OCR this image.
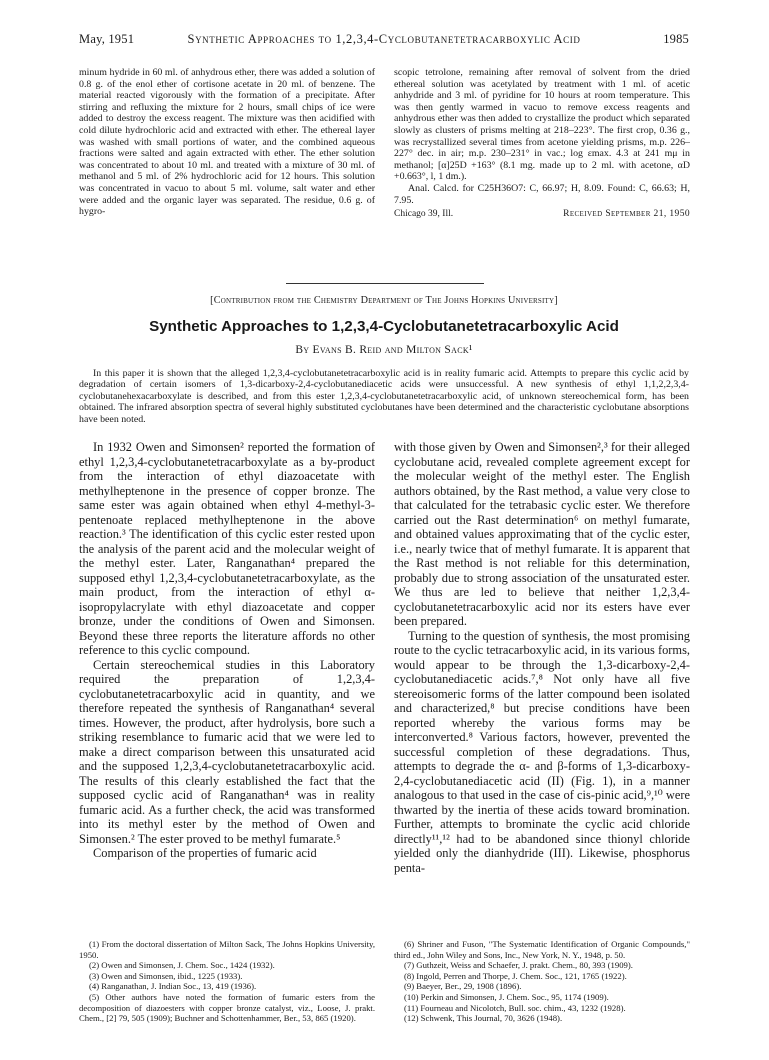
May, 1951	Synthetic Approaches to 1,2,3,4-Cyclobutanetetracarboxylic Acid	1985

minum hydride in 60 ml. of anhydrous ether, there was added a solution of 0.8 g. of the enol ether of cortisone acetate in 20 ml. of benzene. The material reacted vigorously with the formation of a precipitate. After stirring and refluxing the mixture for 2 hours, small chips of ice were added to destroy the excess reagent. The mixture was then acidified with cold dilute hydrochloric acid and extracted with ether. The ethereal layer was washed with small portions of water, and the combined aqueous fractions were salted and again extracted with ether. The ether solution was concentrated to about 10 ml. and treated with a mixture of 30 ml. of methanol and 5 ml. of 2% hydrochloric acid for 12 hours. This solution was concentrated in vacuo to about 5 ml. volume, salt water and ether were added and the organic layer was separated. The residue, 0.6 g. of hygro-

scopic tetrolone, remaining after removal of solvent from the dried ethereal solution was acetylated by treatment with 1 ml. of acetic anhydride and 3 ml. of pyridine for 10 hours at room temperature. This was then gently warmed in vacuo to remove excess reagents and anhydrous ether was then added to crystallize the product which separated slowly as clusters of prisms melting at 218–223°. The first crop, 0.36 g., was recrystallized several times from acetone yielding prisms, m.p. 226–227° dec. in air; m.p. 230–231° in vac.; log εmax. 4.3 at 241 mμ in methanol; [α]25D +163° (8.1 mg. made up to 2 ml. with acetone, αD +0.663°, l, 1 dm.).

Anal. Calcd. for C25H36O7: C, 66.97; H, 8.09. Found: C, 66.63; H, 7.95.

Chicago 39, Ill.	Received September 21, 1950
[Contribution from the Chemistry Department of The Johns Hopkins University]
Synthetic Approaches to 1,2,3,4-Cyclobutanetetracarboxylic Acid
By Evans B. Reid and Milton Sack¹

In this paper it is shown that the alleged 1,2,3,4-cyclobutanetetracarboxylic acid is in reality fumaric acid. Attempts to prepare this cyclic acid by degradation of certain isomers of 1,3-dicarboxy-2,4-cyclobutanediacetic acids were unsuccessful. A new synthesis of ethyl 1,1,2,2,3,4-cyclobutanehexacarboxylate is described, and from this ester 1,2,3,4-cyclobutanetetracarboxylic acid, of unknown stereochemical form, has been obtained. The infrared absorption spectra of several highly substituted cyclobutanes have been determined and the characteristic cyclobutane absorptions have been noted.

In 1932 Owen and Simonsen² reported the formation of ethyl 1,2,3,4-cyclobutanetetracarboxylate as a by-product from the interaction of ethyl diazoacetate with methylheptenone in the presence of copper bronze. The same ester was again obtained when ethyl 4-methyl-3-pentenoate replaced methylheptenone in the above reaction.³ The identification of this cyclic ester rested upon the analysis of the parent acid and the molecular weight of the methyl ester. Later, Ranganathan⁴ prepared the supposed ethyl 1,2,3,4-cyclobutanetetracarboxylate, as the main product, from the interaction of ethyl α-isopropylacrylate with ethyl diazoacetate and copper bronze, under the conditions of Owen and Simonsen. Beyond these three reports the literature affords no other reference to this cyclic compound.

Certain stereochemical studies in this Laboratory required the preparation of 1,2,3,4-cyclobutanetetracarboxylic acid in quantity, and we therefore repeated the synthesis of Ranganathan⁴ several times. However, the product, after hydrolysis, bore such a striking resemblance to fumaric acid that we were led to make a direct comparison between this unsaturated acid and the supposed 1,2,3,4-cyclobutanetetracarboxylic acid. The results of this clearly established the fact that the supposed cyclic acid of Ranganathan⁴ was in reality fumaric acid. As a further check, the acid was transformed into its methyl ester by the method of Owen and Simonsen.² The ester proved to be methyl fumarate.⁵

Comparison of the properties of fumaric acid

with those given by Owen and Simonsen²,³ for their alleged cyclobutane acid, revealed complete agreement except for the molecular weight of the methyl ester. The English authors obtained, by the Rast method, a value very close to that calculated for the tetrabasic cyclic ester. We therefore carried out the Rast determination⁶ on methyl fumarate, and obtained values approximating that of the cyclic ester, i.e., nearly twice that of methyl fumarate. It is apparent that the Rast method is not reliable for this determination, probably due to strong association of the unsaturated ester. We thus are led to believe that neither 1,2,3,4-cyclobutanetetracarboxylic acid nor its esters have ever been prepared.

Turning to the question of synthesis, the most promising route to the cyclic tetracarboxylic acid, in its various forms, would appear to be through the 1,3-dicarboxy-2,4-cyclobutanediacetic acids.⁷,⁸ Not only have all five stereoisomeric forms of the latter compound been isolated and characterized,⁸ but precise conditions have been reported whereby the various forms may be interconverted.⁸ Various factors, however, prevented the successful completion of these degradations. Thus, attempts to degrade the α- and β-forms of 1,3-dicarboxy-2,4-cyclobutanediacetic acid (II) (Fig. 1), in a manner analogous to that used in the case of cis-pinic acid,⁹,¹⁰ were thwarted by the inertia of these acids toward bromination. Further, attempts to brominate the cyclic acid chloride directly¹¹,¹² had to be abandoned since thionyl chloride yielded only the dianhydride (III). Likewise, phosphorus penta-

(1) From the doctoral dissertation of Milton Sack, The Johns Hopkins University, 1950.

(2) Owen and Simonsen, J. Chem. Soc., 1424 (1932).

(3) Owen and Simonsen, ibid., 1225 (1933).

(4) Ranganathan, J. Indian Soc., 13, 419 (1936).

(5) Other authors have noted the formation of fumaric esters from the decomposition of diazoesters with copper bronze catalyst, viz., Loose, J. prakt. Chem., [2] 79, 505 (1909); Buchner and Schottenhammer, Ber., 53, 865 (1920).

(6) Shriner and Fuson, "The Systematic Identification of Organic Compounds," third ed., John Wiley and Sons, Inc., New York, N. Y., 1948, p. 50.

(7) Guthzeit, Weiss and Schaefer, J. prakt. Chem., 80, 393 (1909).

(8) Ingold, Perren and Thorpe, J. Chem. Soc., 121, 1765 (1922).

(9) Baeyer, Ber., 29, 1908 (1896).

(10) Perkin and Simonsen, J. Chem. Soc., 95, 1174 (1909).

(11) Fourneau and Nicolotch, Bull. soc. chim., 43, 1232 (1928).

(12) Schwenk, This Journal, 70, 3626 (1948).
